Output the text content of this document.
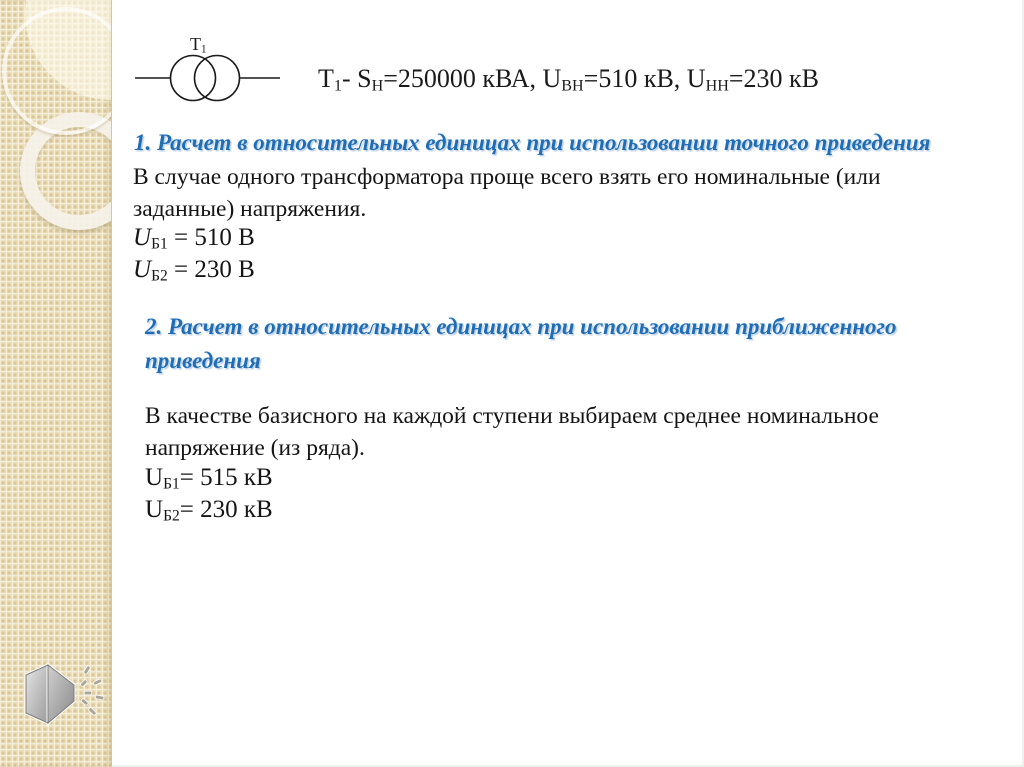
$Т_1$
$Т_1-$ $S_Н=250000$ кВА, $U_{ВН}=510$ кВ, $U_{НН}=230$ кВ
1. Расчет в относительных единицах при использовании точного приведения
В случае одного трансформатора проще всего взять его номинальные (или
заданные) напряжения.
$U_{Б1} = 510$ В
$U_{Б2} = 230$ В
2. Расчет в относительных единицах при использовании приближенного
приведения
В качестве базисного на каждой ступени выбираем среднее номинальное
напряжение (из ряда).
$U_{Б1}= 515$ кВ
$U_{Б2}= 230$ кВ
